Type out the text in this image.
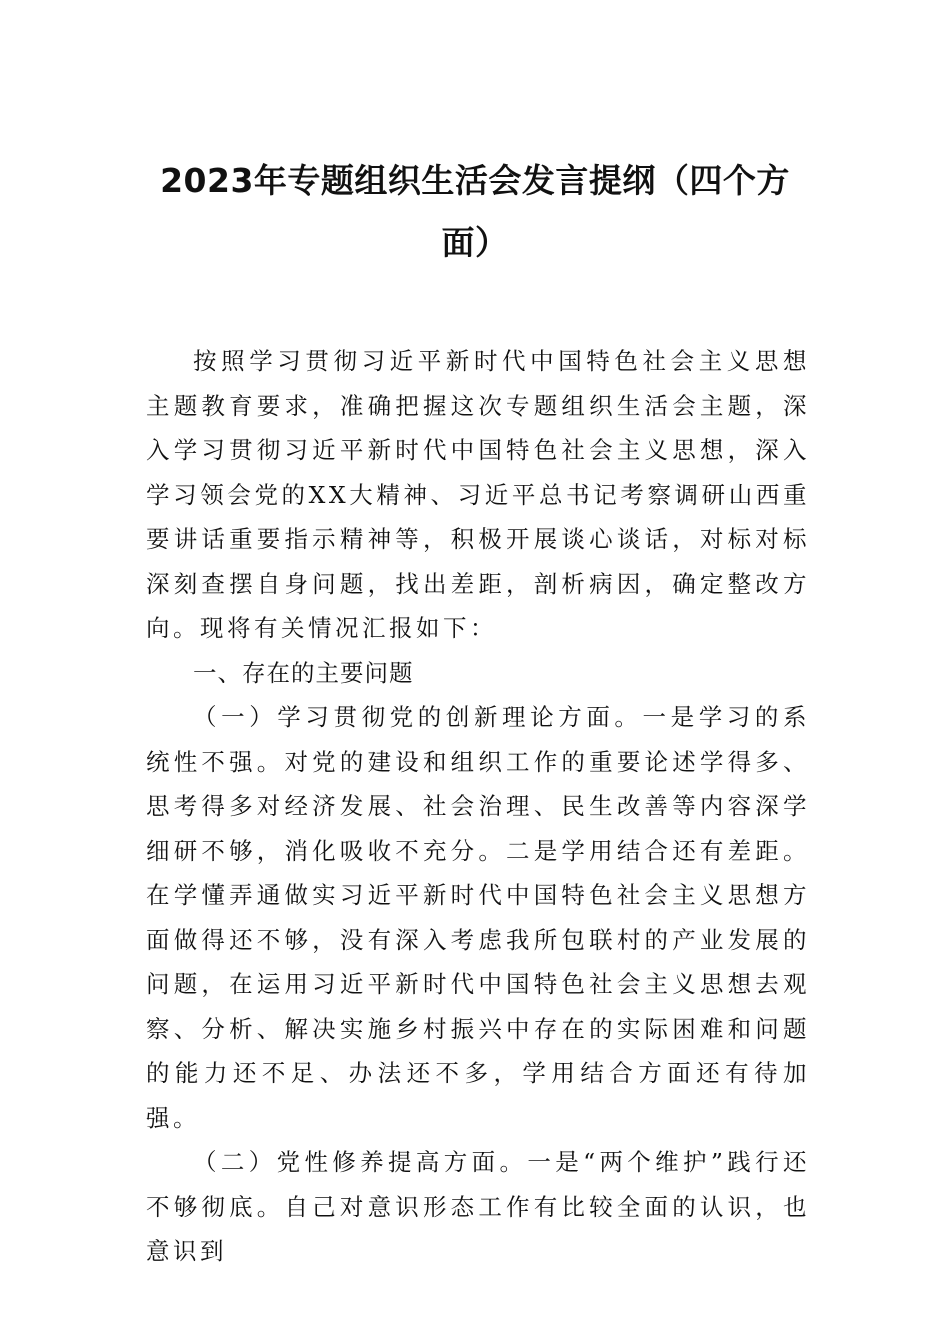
2023年专题组织生活会发言提纲（四个方面）

按照学习贯彻习近平新时代中国特色社会主义思想主题教育要求，准确把握这次专题组织生活会主题，深入学习贯彻习近平新时代中国特色社会主义思想，深入学习领会党的XX大精神、习近平总书记考察调研山西重要讲话重要指示精神等，积极开展谈心谈话，对标对标深刻查摆自身问题，找出差距，剖析病因，确定整改方向。现将有关情况汇报如下：

一、存在的主要问题

（一）学习贯彻党的创新理论方面。一是学习的系统性不强。对党的建设和组织工作的重要论述学得多、思考得多对经济发展、社会治理、民生改善等内容深学细研不够，消化吸收不充分。二是学用结合还有差距。在学懂弄通做实习近平新时代中国特色社会主义思想方面做得还不够，没有深入考虑我所包联村的产业发展的问题，在运用习近平新时代中国特色社会主义思想去观察、分析、解决实施乡村振兴中存在的实际困难和问题的能力还不足、办法还不多，学用结合方面还有待加强。

（二）党性修养提高方面。一是“两个维护”践行还不够彻底。自己对意识形态工作有比较全面的认识，也意识到
